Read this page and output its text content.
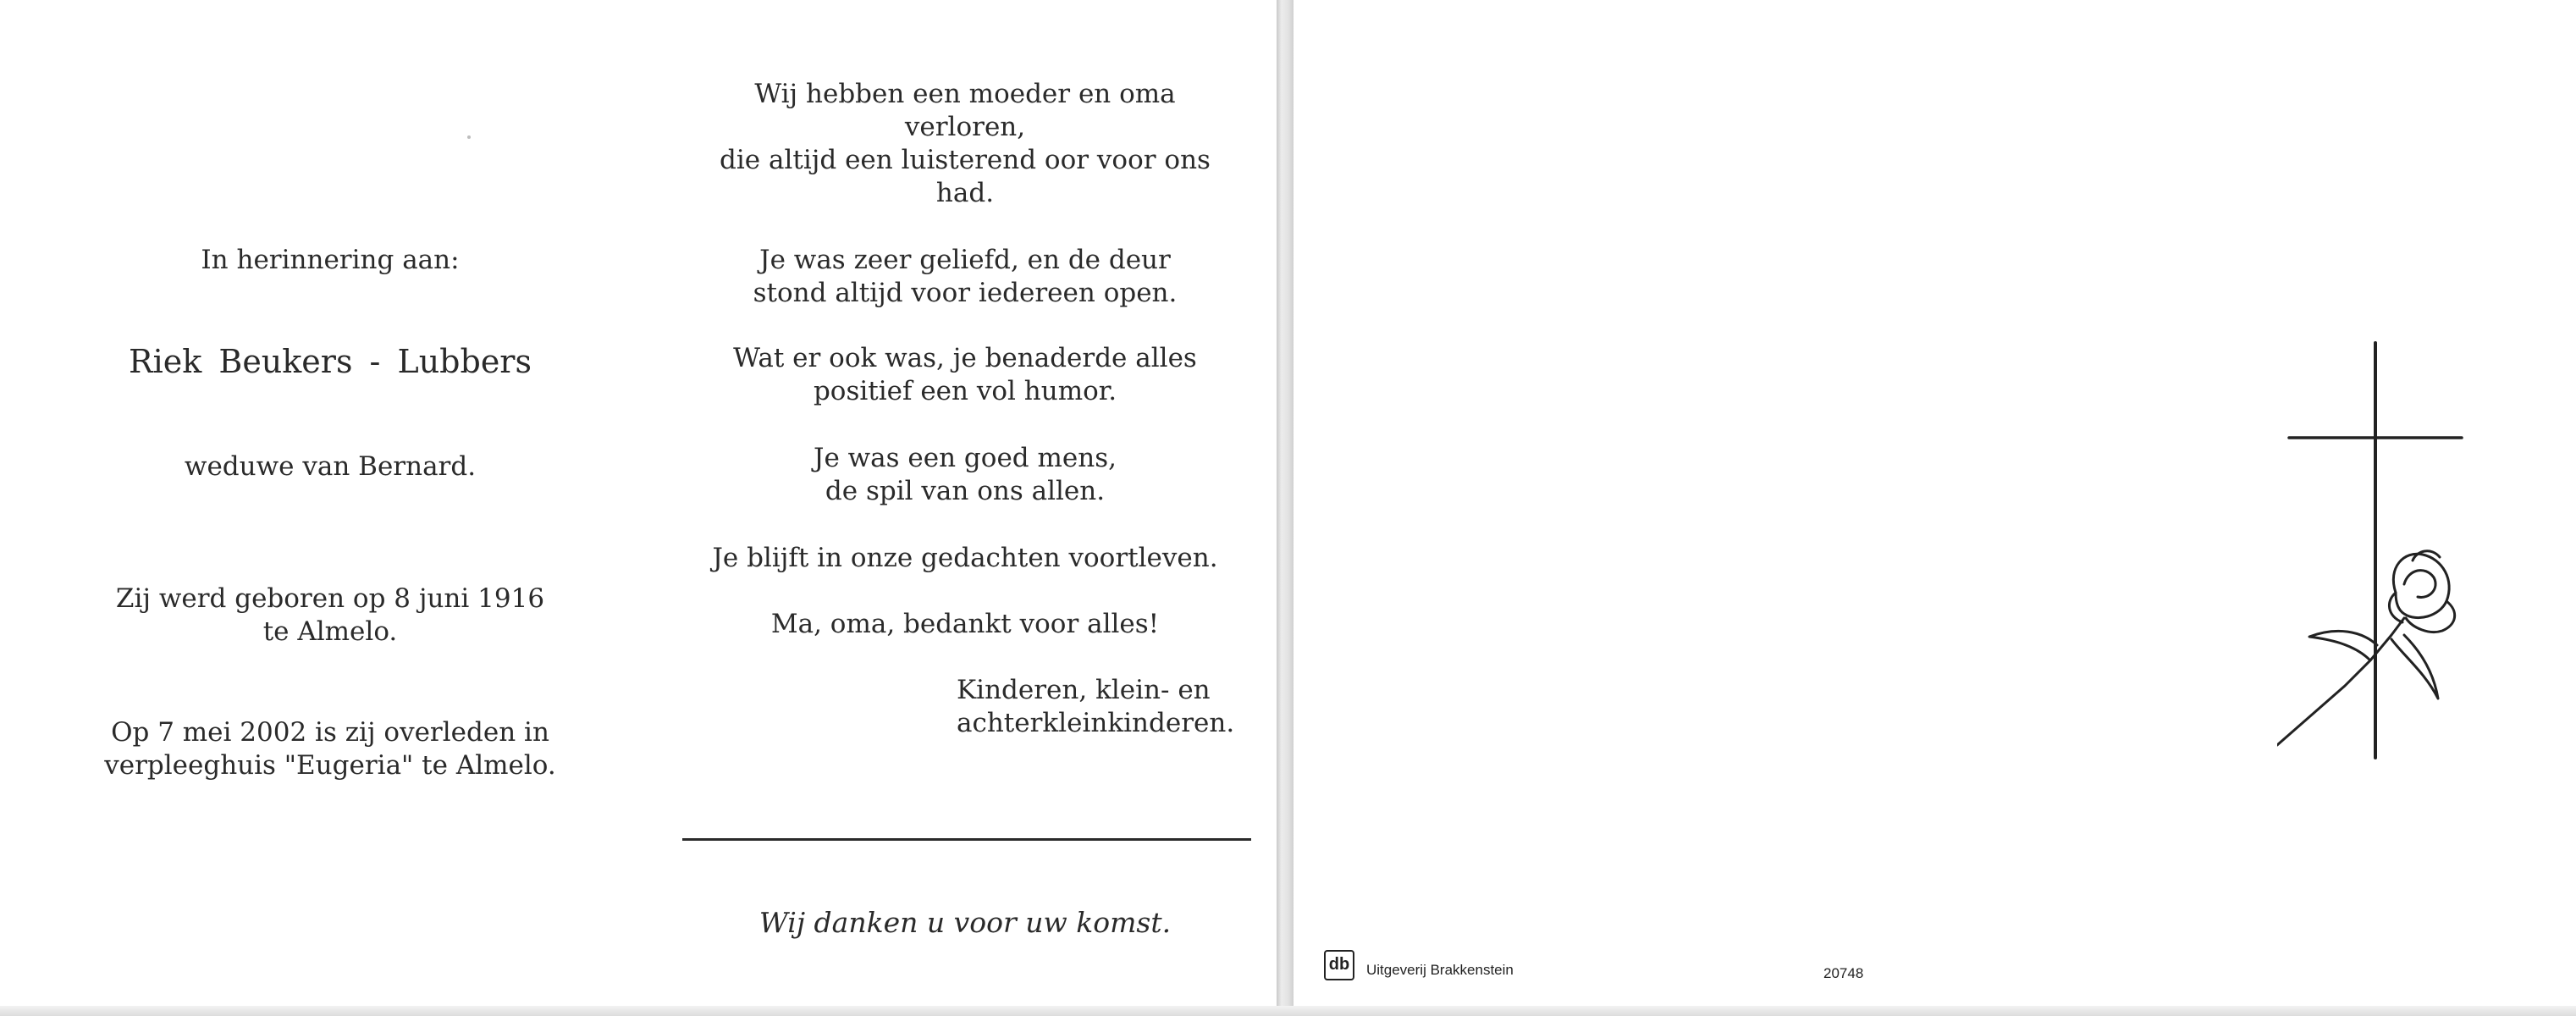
In herinnering aan:
Riek Beukers - Lubbers
weduwe van Bernard.
Zij werd geboren op 8 juni 1916
te Almelo.
Op 7 mei 2002 is zij overleden in
verpleeghuis "Eugeria" te Almelo.
Wij hebben een moeder en oma
verloren,
die altijd een luisterend oor voor ons
had.
Je was zeer geliefd, en de deur
stond altijd voor iedereen open.
Wat er ook was, je benaderde alles
positief een vol humor.
Je was een goed mens,
de spil van ons allen.
Je blijft in onze gedachten voortleven.
Ma, oma, bedankt voor alles!
Kinderen, klein- en
achterkleinkinderen.
Wij danken u voor uw komst.
db	Uitgeverij Brakkenstein	20748
